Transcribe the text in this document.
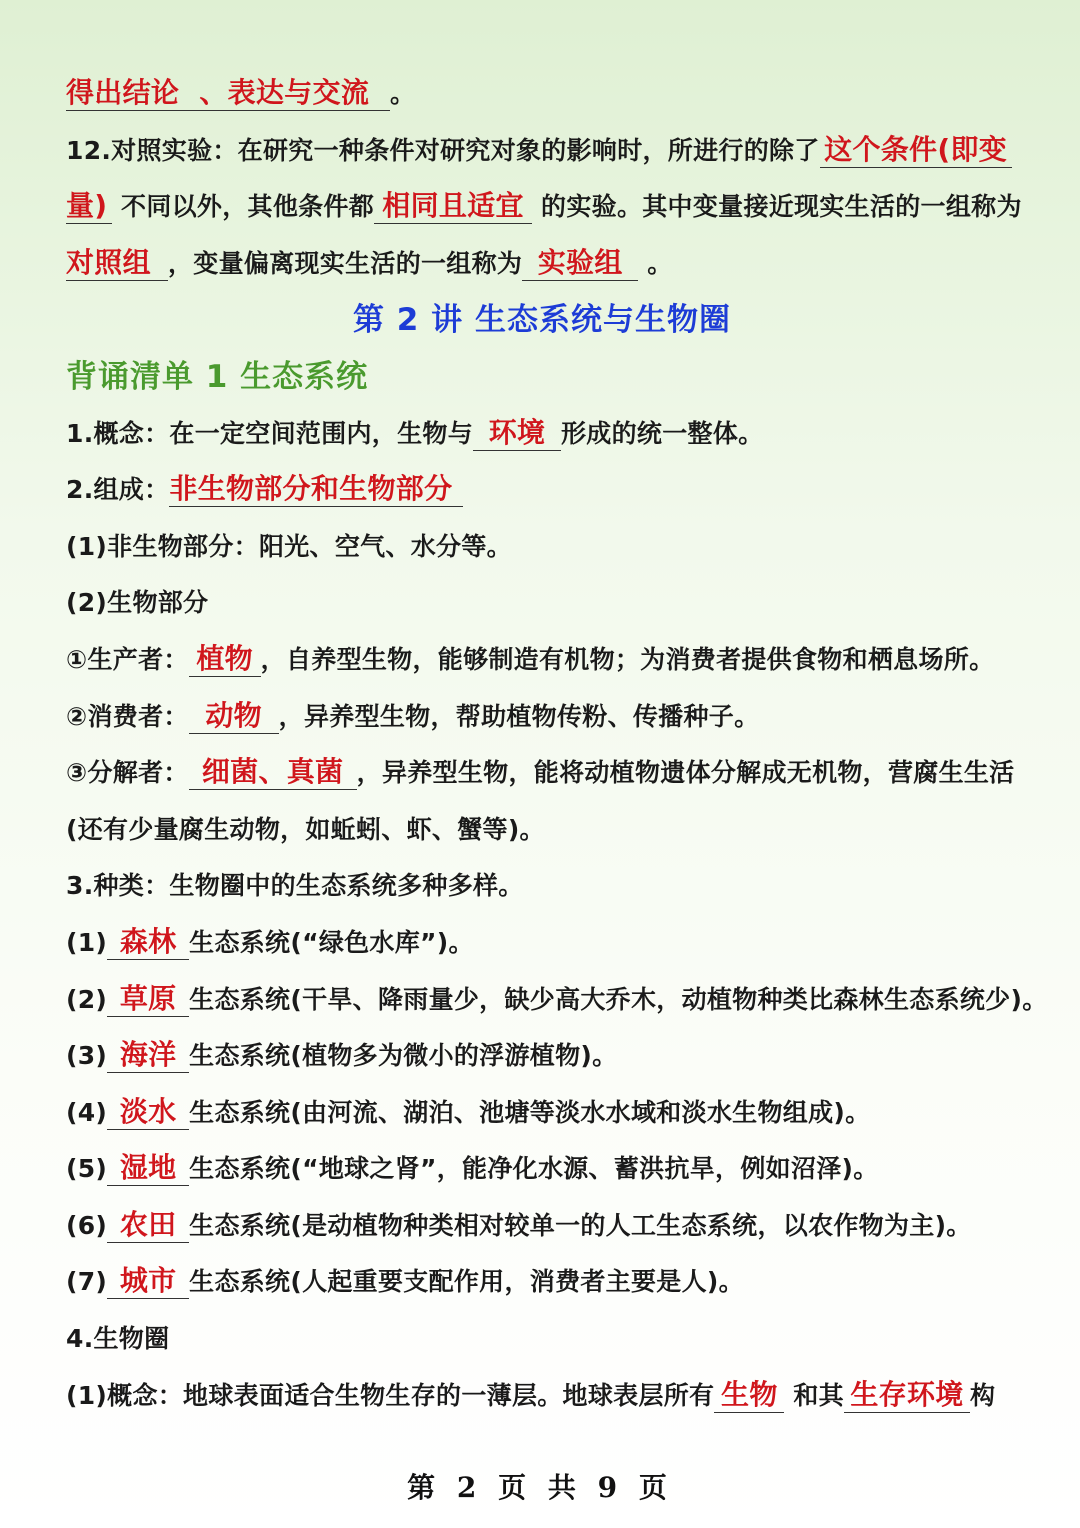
得出结论 、表达与交流 。
12.对照实验：在研究一种条件对研究对象的影响时，所进行的除了 这个条件(即变
量) 不同以外，其他条件都 相同且适宜 的实验。其中变量接近现实生活的一组称为
对照组 ，变量偏离现实生活的一组称为 实验组 。
第 2 讲 生态系统与生物圈
背诵清单 1 生态系统
1.概念：在一定空间范围内，生物与 环境 形成的统一整体。
2.组成：非生物部分和生物部分
(1)非生物部分：阳光、空气、水分等。
(2)生物部分
①生产者： 植物 ，自养型生物，能够制造有机物；为消费者提供食物和栖息场所。
②消费者： 动物 ，异养型生物，帮助植物传粉、传播种子。
③分解者： 细菌、真菌 ，异养型生物，能将动植物遗体分解成无机物，营腐生生活
(还有少量腐生动物，如蚯蚓、虾、蟹等)。
3.种类：生物圈中的生态系统多种多样。
(1) 森林 生态系统(“绿色水库”)。
(2) 草原 生态系统(干旱、降雨量少，缺少高大乔木，动植物种类比森林生态系统少)。
(3) 海洋 生态系统(植物多为微小的浮游植物)。
(4) 淡水 生态系统(由河流、湖泊、池塘等淡水水域和淡水生物组成)。
(5) 湿地 生态系统(“地球之肾”，能净化水源、蓄洪抗旱，例如沼泽)。
(6) 农田 生态系统(是动植物种类相对较单一的人工生态系统，以农作物为主)。
(7) 城市 生态系统(人起重要支配作用，消费者主要是人)。
4.生物圈
(1)概念：地球表面适合生物生存的一薄层。地球表层所有 生物 和其 生存环境 构
第 2 页 共 9 页
